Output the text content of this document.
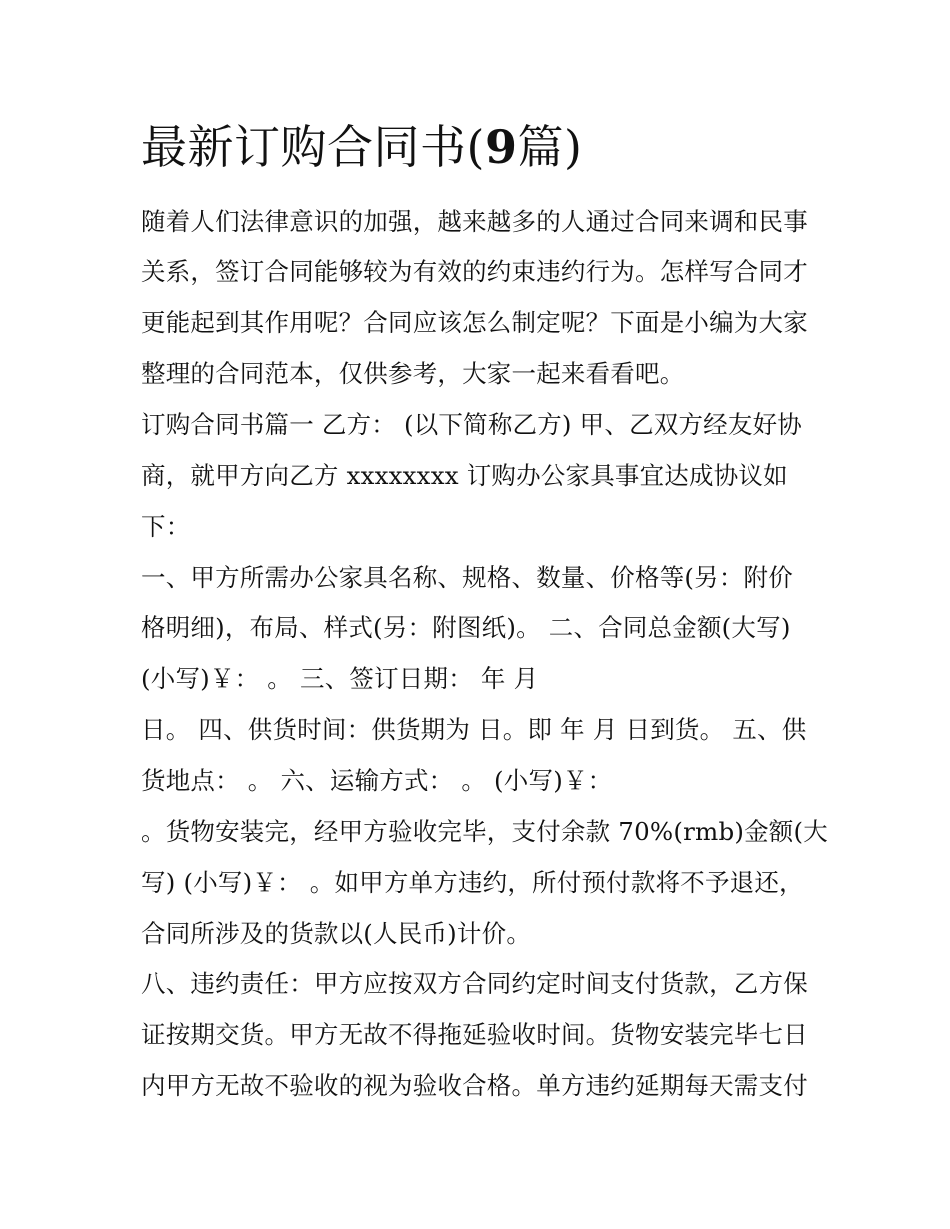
最新订购合同书(9篇)

随着人们法律意识的加强，越来越多的人通过合同来调和民事

关系，签订合同能够较为有效的约束违约行为。怎样写合同才

更能起到其作用呢？合同应该怎么制定呢？下面是小编为大家

整理的合同范本，仅供参考，大家一起来看看吧。

订购合同书篇一 乙方： (以下简称乙方) 甲、乙双方经友好协

商，就甲方向乙方 xxxxxxxx 订购办公家具事宜达成协议如

下：

一、甲方所需办公家具名称、规格、数量、价格等(另：附价

格明细)，布局、样式(另：附图纸)。 二、合同总金额(大写)

(小写)￥： 。 三、签订日期： 年 月

日。 四、供货时间：供货期为 日。即 年 月 日到货。 五、供

货地点： 。 六、运输方式： 。 (小写)￥：

。货物安装完，经甲方验收完毕，支付余款 70%(rmb)金额(大

写) (小写)￥： 。如甲方单方违约，所付预付款将不予退还，

合同所涉及的货款以(人民币)计价。

八、违约责任：甲方应按双方合同约定时间支付货款，乙方保

证按期交货。甲方无故不得拖延验收时间。货物安装完毕七日

内甲方无故不验收的视为验收合格。单方违约延期每天需支付
